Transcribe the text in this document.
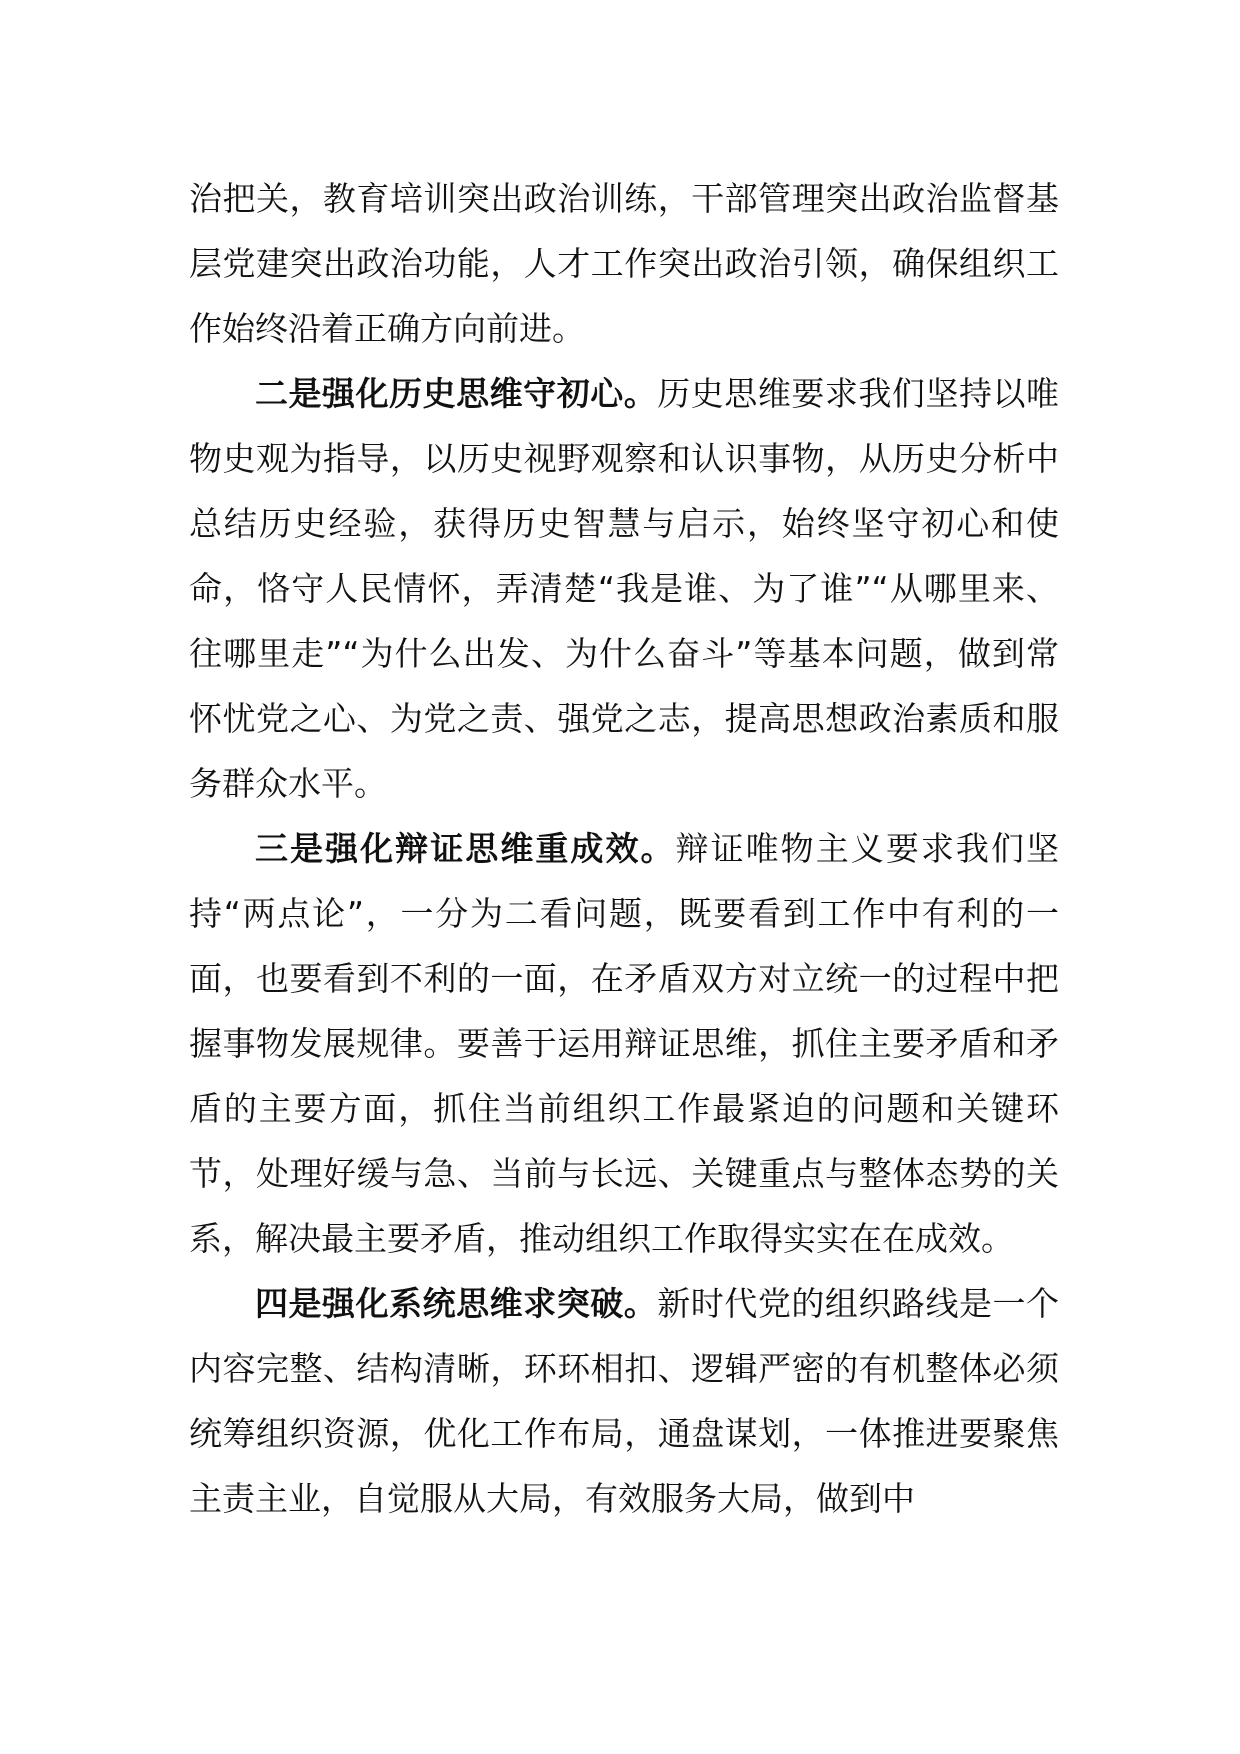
治把关，教育培训突出政治训练，干部管理突出政治监督基层党建突出政治功能，人才工作突出政治引领，确保组织工作始终沿着正确方向前进。

二是强化历史思维守初心。历史思维要求我们坚持以唯物史观为指导，以历史视野观察和认识事物，从历史分析中总结历史经验，获得历史智慧与启示，始终坚守初心和使命，恪守人民情怀，弄清楚“我是谁、为了谁”“从哪里来、往哪里走”“为什么出发、为什么奋斗”等基本问题，做到常怀忧党之心、为党之责、强党之志，提高思想政治素质和服务群众水平。

三是强化辩证思维重成效。辩证唯物主义要求我们坚持“两点论”，一分为二看问题，既要看到工作中有利的一面，也要看到不利的一面，在矛盾双方对立统一的过程中把握事物发展规律。要善于运用辩证思维，抓住主要矛盾和矛盾的主要方面，抓住当前组织工作最紧迫的问题和关键环节，处理好缓与急、当前与长远、关键重点与整体态势的关系，解决最主要矛盾，推动组织工作取得实实在在成效。

四是强化系统思维求突破。新时代党的组织路线是一个内容完整、结构清晰，环环相扣、逻辑严密的有机整体必须统筹组织资源，优化工作布局，通盘谋划，一体推进要聚焦主责主业，自觉服从大局，有效服务大局，做到中
